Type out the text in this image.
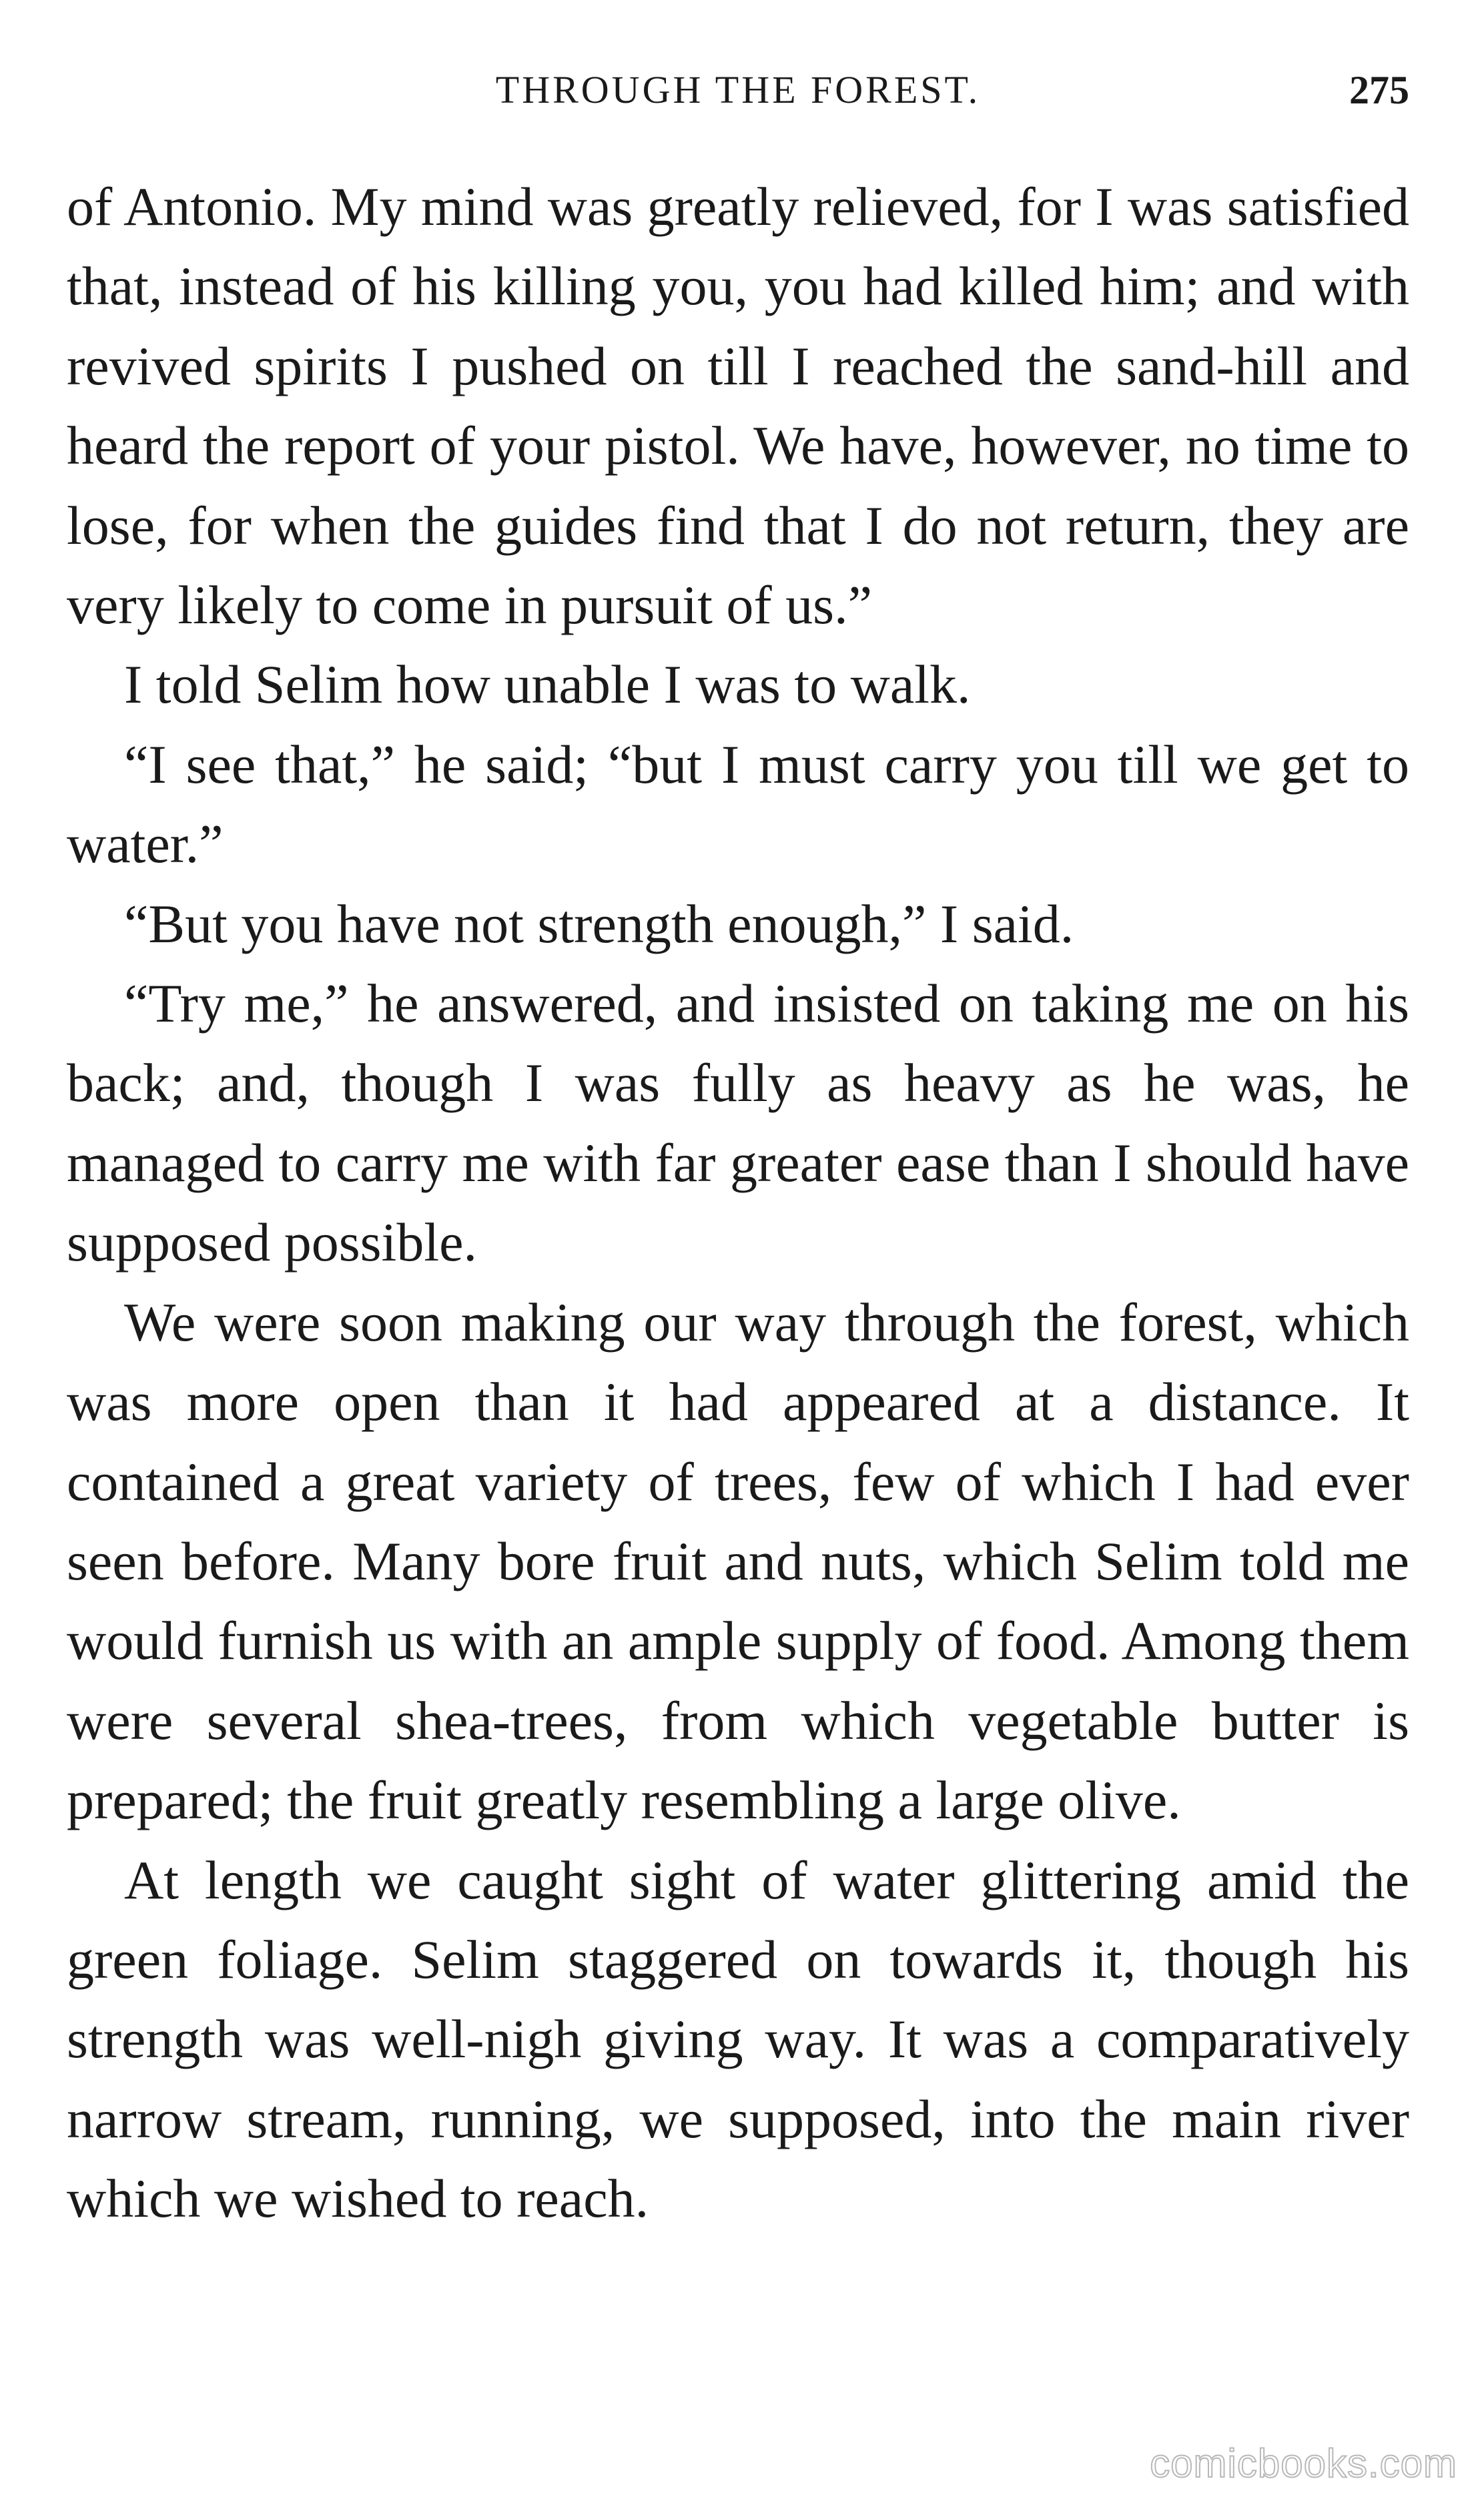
THROUGH THE FOREST.	275

of Antonio. My mind was greatly relieved, for I was satisfied that, instead of his killing you, you had killed him; and with revived spirits I pushed on till I reached the sand-hill and heard the report of your pistol. We have, however, no time to lose, for when the guides find that I do not return, they are very likely to come in pursuit of us.”

I told Selim how unable I was to walk.

“I see that,” he said; “but I must carry you till we get to water.”

“But you have not strength enough,” I said.

“Try me,” he answered, and insisted on taking me on his back; and, though I was fully as heavy as he was, he managed to carry me with far greater ease than I should have supposed possible.

We were soon making our way through the forest, which was more open than it had appeared at a distance. It contained a great variety of trees, few of which I had ever seen before. Many bore fruit and nuts, which Selim told me would furnish us with an ample supply of food. Among them were several shea-trees, from which vegetable butter is prepared; the fruit greatly resembling a large olive.

At length we caught sight of water glittering amid the green foliage. Selim staggered on towards it, though his strength was well-nigh giving way. It was a comparatively narrow stream, running, we supposed, into the main river which we wished to reach.

comicbooks.com
